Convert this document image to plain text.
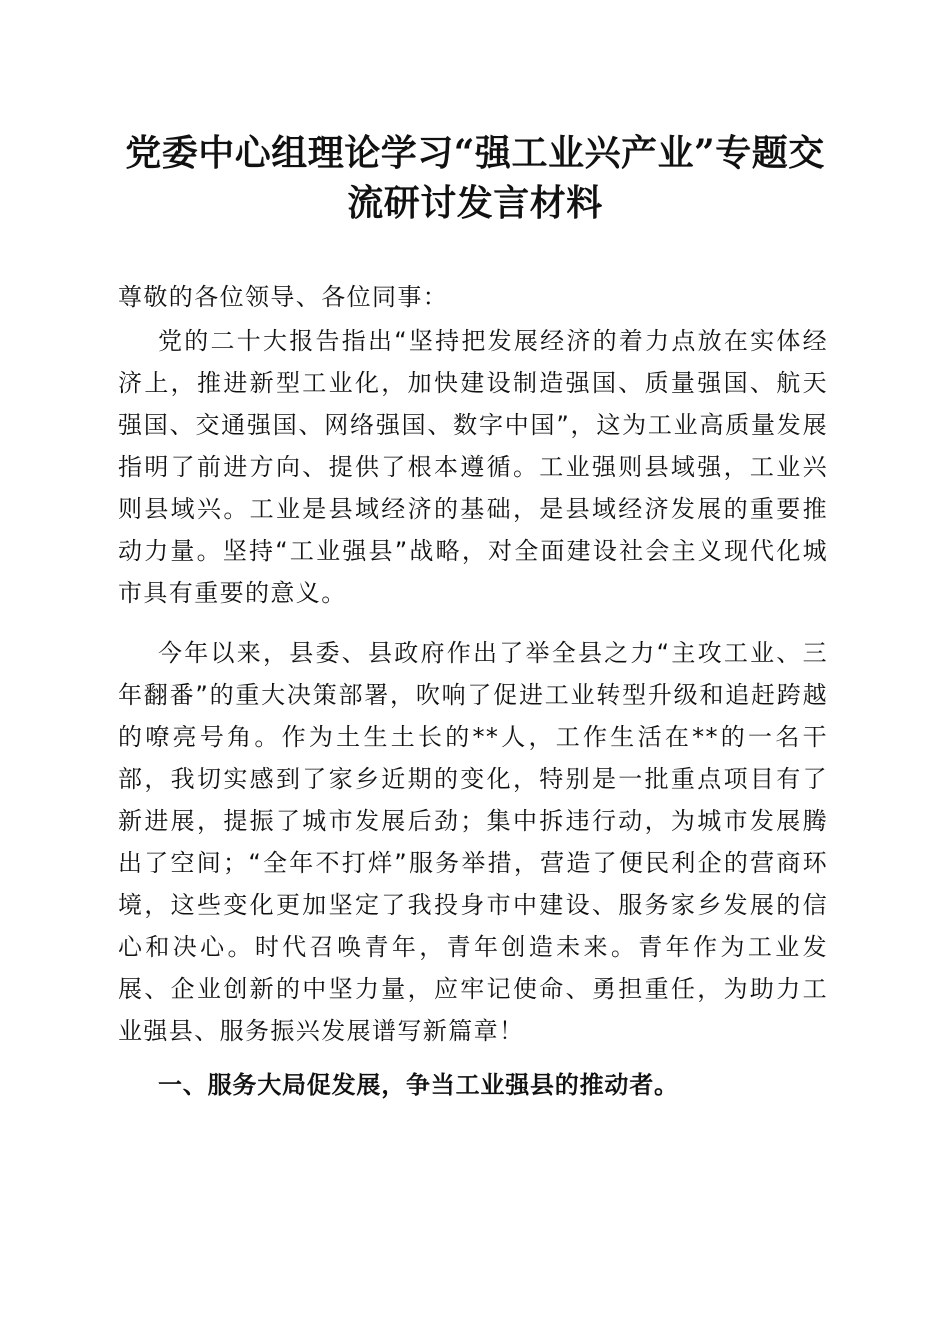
党委中心组理论学习“强工业兴产业”专题交流研讨发言材料

尊敬的各位领导、各位同事：

党的二十大报告指出“坚持把发展经济的着力点放在实体经济上，推进新型工业化，加快建设制造强国、质量强国、航天强国、交通强国、网络强国、数字中国”，这为工业高质量发展指明了前进方向、提供了根本遵循。工业强则县域强，工业兴则县域兴。工业是县域经济的基础，是县域经济发展的重要推动力量。坚持“工业强县”战略，对全面建设社会主义现代化城市具有重要的意义。

今年以来，县委、县政府作出了举全县之力“主攻工业、三年翻番”的重大决策部署，吹响了促进工业转型升级和追赶跨越的嘹亮号角。作为土生土长的**人，工作生活在**的一名干部，我切实感到了家乡近期的变化，特别是一批重点项目有了新进展，提振了城市发展后劲；集中拆违行动，为城市发展腾出了空间；“全年不打烊”服务举措，营造了便民利企的营商环境，这些变化更加坚定了我投身市中建设、服务家乡发展的信心和决心。时代召唤青年，青年创造未来。青年作为工业发展、企业创新的中坚力量，应牢记使命、勇担重任，为助力工业强县、服务振兴发展谱写新篇章！

一、服务大局促发展，争当工业强县的推动者。
